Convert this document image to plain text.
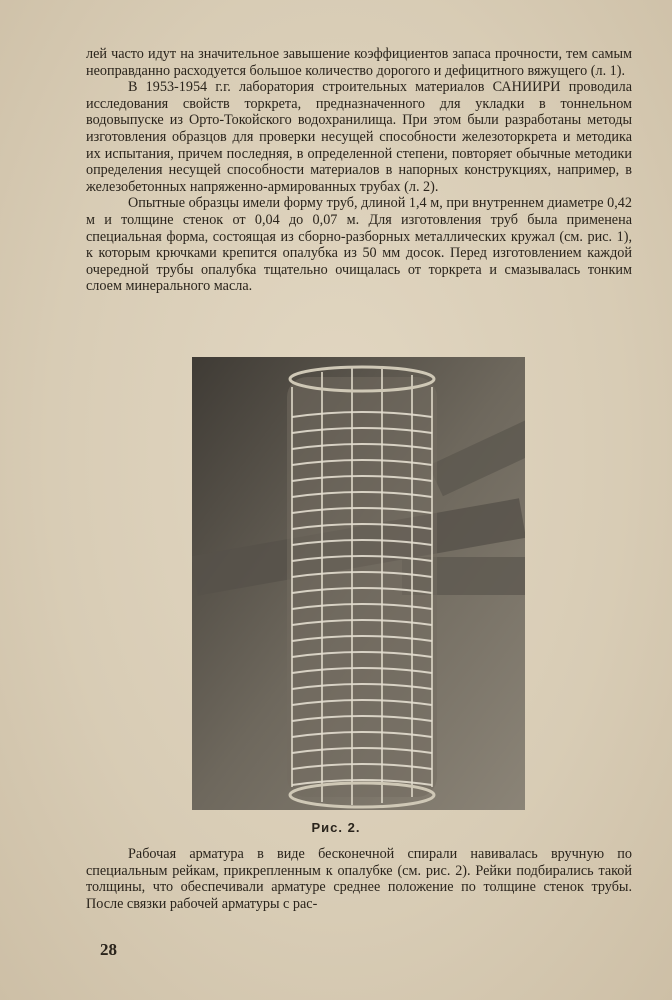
лей часто идут на значительное завышение коэффициентов запаса прочности, тем самым неоправданно расходуется большое количество дорогого и дефицитного вяжущего (л. 1).

В 1953-1954 г.г. лаборатория строительных материалов САНИИРИ проводила исследования свойств торкрета, предназначенного для укладки в тоннельном водовыпуске из Орто-Токойского водохранилища. При этом были разработаны методы изготовления образцов для проверки несущей способности железоторкрета и методика их испытания, причем последняя, в определенной степени, повторяет обычные методики определения несущей способности материалов в напорных конструкциях, например, в железобетонных напряженно-армированных трубах (л. 2).

Опытные образцы имели форму труб, длиной 1,4 м, при внутреннем диаметре 0,42 м и толщине стенок от 0,04 до 0,07 м. Для изготовления труб была применена специальная форма, состоящая из сборно-разборных металлических кружал (см. рис. 1), к которым крючками крепится опалубка из 50 мм досок. Перед изготовлением каждой очередной трубы опалубка тщательно очищалась от торкрета и смазывалась тонким слоем минерального масла.

Рис. 2.

Рабочая арматура в виде бесконечной спирали навивалась вручную по специальным рейкам, прикрепленным к опалубке (см. рис. 2). Рейки подбирались такой толщины, что обеспечивали арматуре среднее положение по толщине стенок трубы. После связки рабочей арматуры с рас-

28
